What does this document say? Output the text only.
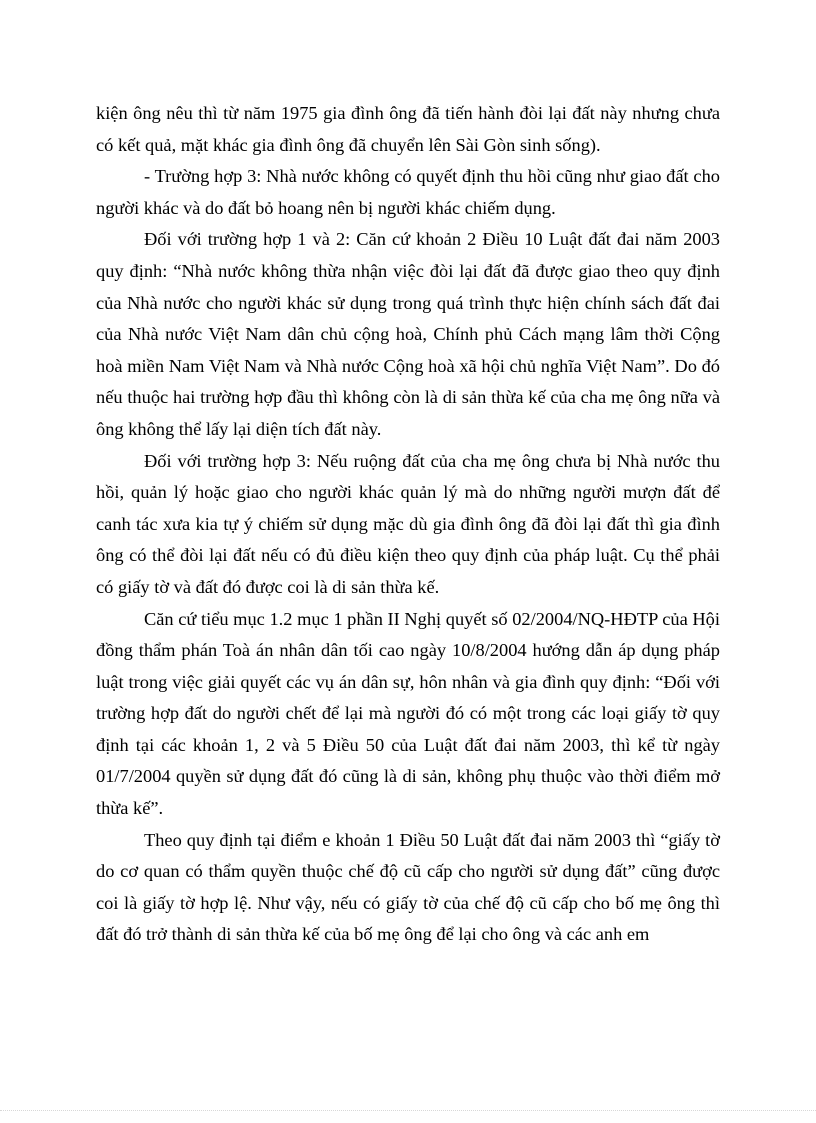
kiện ông nêu thì từ năm 1975 gia đình ông đã tiến hành đòi lại đất này nhưng chưa có kết quả, mặt khác gia đình ông đã chuyển lên Sài Gòn sinh sống).

- Trường hợp 3: Nhà nước không có quyết định thu hồi cũng như giao đất cho người khác và do đất bỏ hoang nên bị người khác chiếm dụng.

Đối với trường hợp 1 và 2: Căn cứ khoản 2 Điều 10 Luật đất đai năm 2003 quy định: “Nhà nước không thừa nhận việc đòi lại đất đã được giao theo quy định của Nhà nước cho người khác sử dụng trong quá trình thực hiện chính sách đất đai của Nhà nước Việt Nam dân chủ cộng hoà, Chính phủ Cách mạng lâm thời Cộng hoà miền Nam Việt Nam và Nhà nước Cộng hoà xã hội chủ nghĩa Việt Nam”. Do đó nếu thuộc hai trường hợp đầu thì không còn là di sản thừa kế của cha mẹ ông nữa và ông không thể lấy lại diện tích đất này.

Đối với trường hợp 3: Nếu ruộng đất của cha mẹ ông chưa bị Nhà nước thu hồi, quản lý hoặc giao cho người khác quản lý mà do những người mượn đất để canh tác xưa kia tự ý chiếm sử dụng mặc dù gia đình ông đã đòi lại đất thì gia đình ông có thể đòi lại đất nếu có đủ điều kiện theo quy định của pháp luật. Cụ thể phải có giấy tờ và đất đó được coi là di sản thừa kế.

Căn cứ tiểu mục 1.2 mục 1 phần II Nghị quyết số 02/2004/NQ-HĐTP của Hội đồng thẩm phán Toà án nhân dân tối cao ngày 10/8/2004 hướng dẫn áp dụng pháp luật trong việc giải quyết các vụ án dân sự, hôn nhân và gia đình quy định: “Đối với trường hợp đất do người chết để lại mà người đó có một trong các loại giấy tờ quy định tại các khoản 1, 2 và 5 Điều 50 của Luật đất đai năm 2003, thì kể từ ngày 01/7/2004 quyền sử dụng đất đó cũng là di sản, không phụ thuộc vào thời điểm mở thừa kế”.

Theo quy định tại điểm e khoản 1 Điều 50 Luật đất đai năm 2003 thì “giấy tờ do cơ quan có thẩm quyền thuộc chế độ cũ cấp cho người sử dụng đất” cũng được coi là giấy tờ hợp lệ. Như vậy, nếu có giấy tờ của chế độ cũ cấp cho bố mẹ ông thì đất đó trở thành di sản thừa kế của bố mẹ ông để lại cho ông và các anh em
